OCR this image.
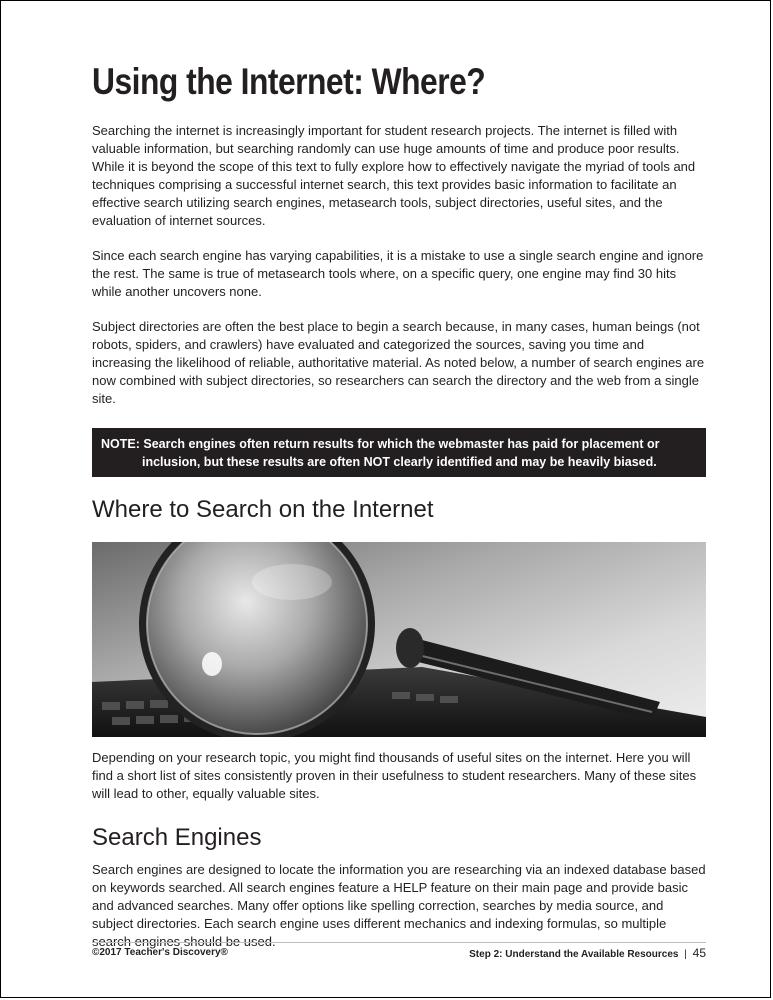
Using the Internet: Where?

Searching the internet is increasingly important for student research projects. The internet is filled with valuable information, but searching randomly can use huge amounts of time and produce poor results. While it is beyond the scope of this text to fully explore how to effectively navigate the myriad of tools and techniques comprising a successful internet search, this text provides basic information to facilitate an effective search utilizing search engines, metasearch tools, subject directories, useful sites, and the evaluation of internet sources.

Since each search engine has varying capabilities, it is a mistake to use a single search engine and ignore the rest. The same is true of metasearch tools where, on a specific query, one engine may find 30 hits while another uncovers none.

Subject directories are often the best place to begin a search because, in many cases, human beings (not robots, spiders, and crawlers) have evaluated and categorized the sources, saving you time and increasing the likelihood of reliable, authoritative material. As noted below, a number of search engines are now combined with subject directories, so researchers can search the directory and the web from a single site.

NOTE: Search engines often return results for which the webmaster has paid for placement or
inclusion, but these results are often NOT clearly identified and may be heavily biased.
Where to Search on the Internet

Depending on your research topic, you might find thousands of useful sites on the internet. Here you will find a short list of sites consistently proven in their usefulness to student researchers. Many of these sites will lead to other, equally valuable sites.

Search Engines

Search engines are designed to locate the information you are researching via an indexed database based on keywords searched. All search engines feature a HELP feature on their main page and provide basic and advanced searches. Many offer options like spelling correction, searches by media source, and subject directories. Each search engine uses different mechanics and indexing formulas, so multiple search engines should be used.

©2017 Teacher's Discovery®	Step 2: Understand the Available Resources | 45
